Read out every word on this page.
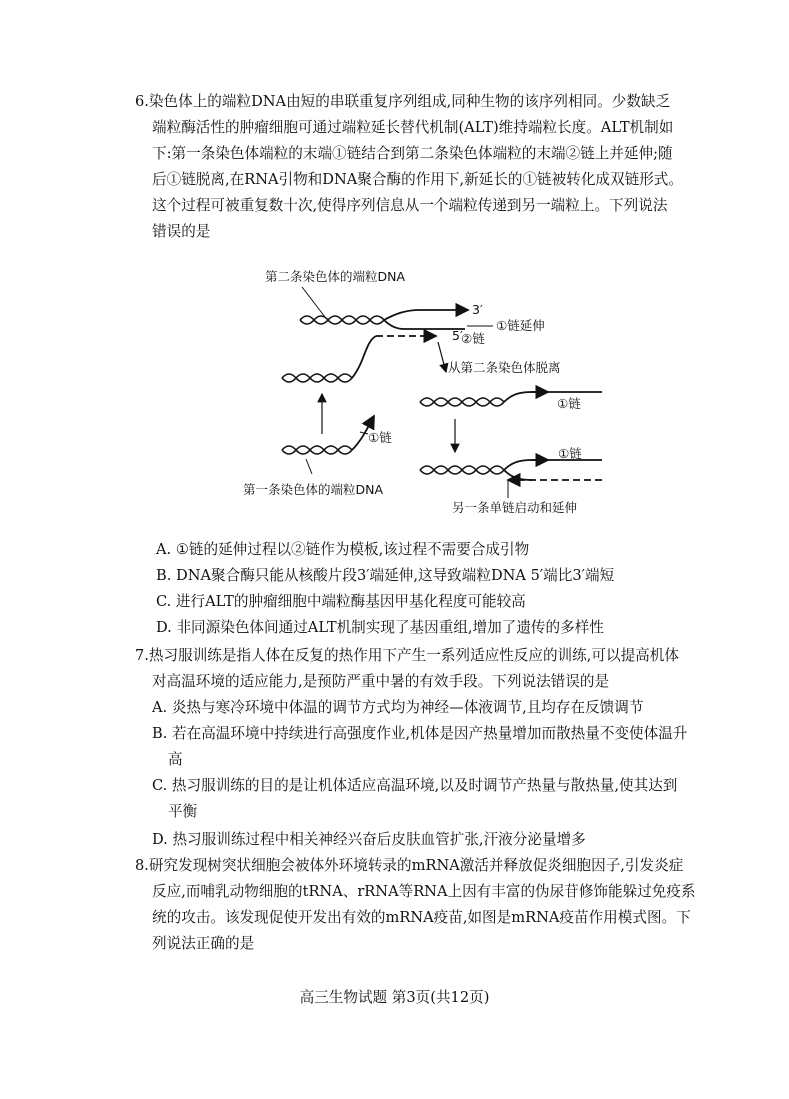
6.染色体上的端粒DNA由短的串联重复序列组成,同种生物的该序列相同。少数缺乏
端粒酶活性的肿瘤细胞可通过端粒延长替代机制(ALT)维持端粒长度。ALT机制如
下:第一条染色体端粒的末端①链结合到第二条染色体端粒的末端②链上并延伸;随
后①链脱离,在RNA引物和DNA聚合酶的作用下,新延长的①链被转化成双链形式。
这个过程可被重复数十次,使得序列信息从一个端粒传递到另一端粒上。下列说法
错误的是
第二条染色体的端粒DNA
3′
5′
②链
①链延伸
①链
第一条染色体的端粒DNA
从第二条染色体脱离
①链
①链
另一条单链启动和延伸
A. ①链的延伸过程以②链作为模板,该过程不需要合成引物
B. DNA聚合酶只能从核酸片段3′端延伸,这导致端粒DNA 5′端比3′端短
C. 进行ALT的肿瘤细胞中端粒酶基因甲基化程度可能较高
D. 非同源染色体间通过ALT机制实现了基因重组,增加了遗传的多样性
7.热习服训练是指人体在反复的热作用下产生一系列适应性反应的训练,可以提高机体
对高温环境的适应能力,是预防严重中暑的有效手段。下列说法错误的是
A. 炎热与寒冷环境中体温的调节方式均为神经—体液调节,且均存在反馈调节
B. 若在高温环境中持续进行高强度作业,机体是因产热量增加而散热量不变使体温升
高
C. 热习服训练的目的是让机体适应高温环境,以及时调节产热量与散热量,使其达到
平衡
D. 热习服训练过程中相关神经兴奋后皮肤血管扩张,汗液分泌量增多
8.研究发现树突状细胞会被体外环境转录的mRNA激活并释放促炎细胞因子,引发炎症
反应,而哺乳动物细胞的tRNA、rRNA等RNA上因有丰富的伪尿苷修饰能躲过免疫系
统的攻击。该发现促使开发出有效的mRNA疫苗,如图是mRNA疫苗作用模式图。下
列说法正确的是
高三生物试题 第3页(共12页)
